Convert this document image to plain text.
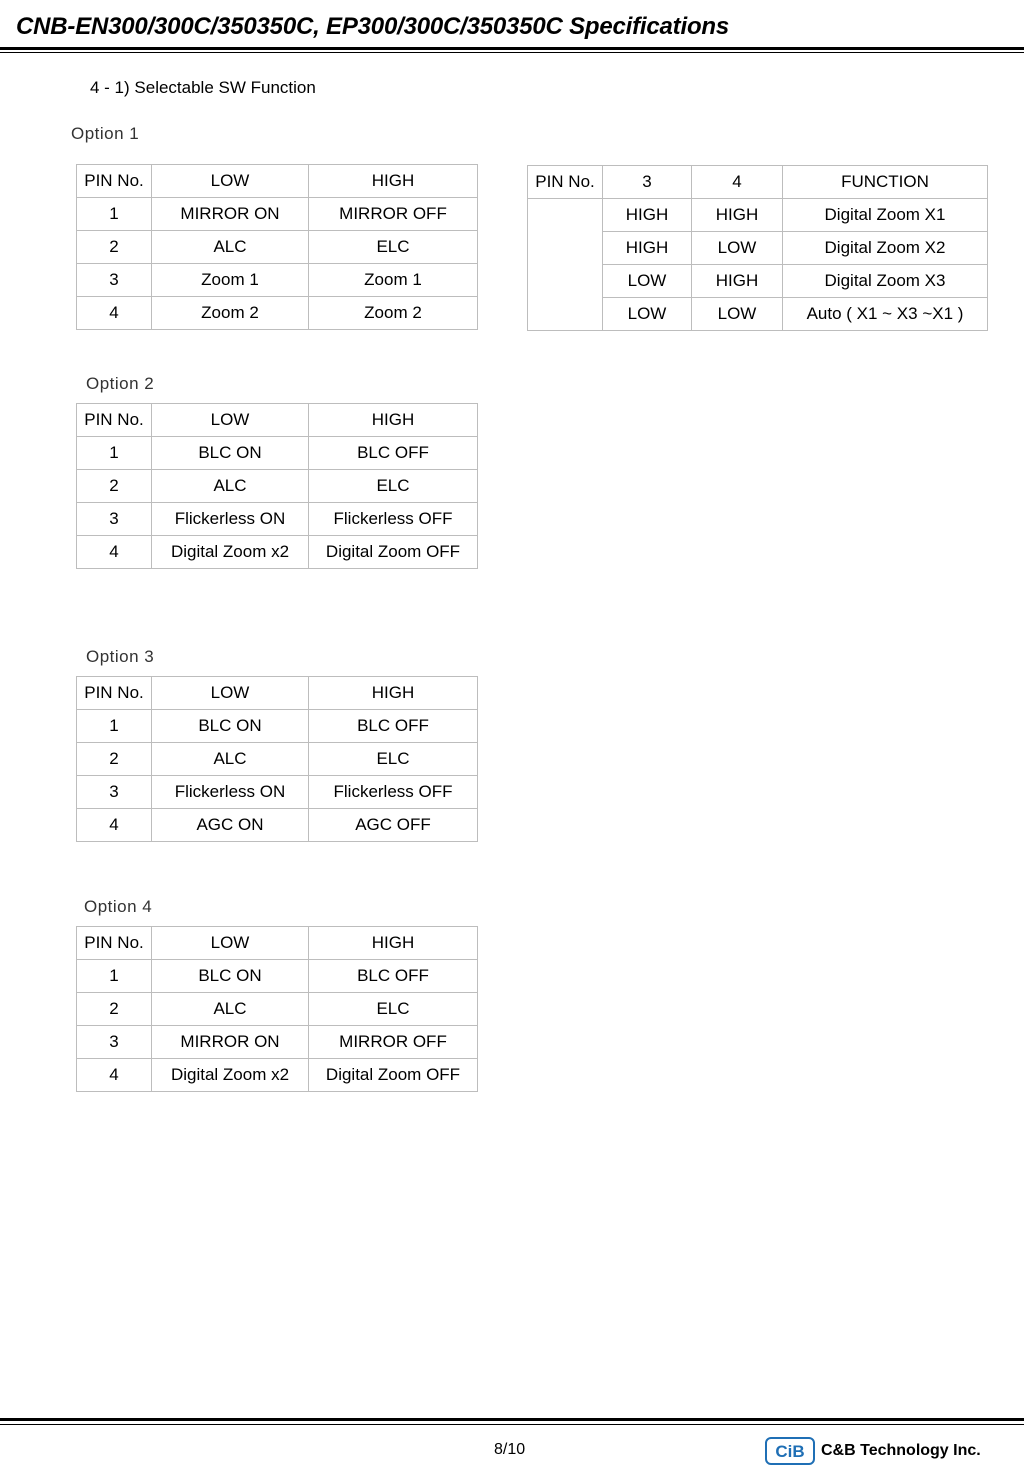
CNB-EN300/300C/350350C, EP300/300C/350350C Specifications
4 - 1) Selectable SW Function
Option 1
PIN No.	LOW	HIGH
1	MIRROR ON	MIRROR OFF
2	ALC	ELC
3	Zoom 1	Zoom 1
4	Zoom 2	Zoom 2
PIN No.	3	4	FUNCTION
	HIGH	HIGH	Digital Zoom X1
	HIGH	LOW	Digital Zoom X2
	LOW	HIGH	Digital Zoom X3
	LOW	LOW	Auto ( X1 ~ X3 ~X1 )
Option 2
PIN No.	LOW	HIGH
1	BLC ON	BLC OFF
2	ALC	ELC
3	Flickerless ON	Flickerless OFF
4	Digital Zoom x2	Digital Zoom OFF
Option 3
PIN No.	LOW	HIGH
1	BLC ON	BLC OFF
2	ALC	ELC
3	Flickerless ON	Flickerless OFF
4	AGC ON	AGC OFF
Option 4
PIN No.	LOW	HIGH
1	BLC ON	BLC OFF
2	ALC	ELC
3	MIRROR ON	MIRROR OFF
4	Digital Zoom x2	Digital Zoom OFF
8/10	CiB C&B Technology Inc.
